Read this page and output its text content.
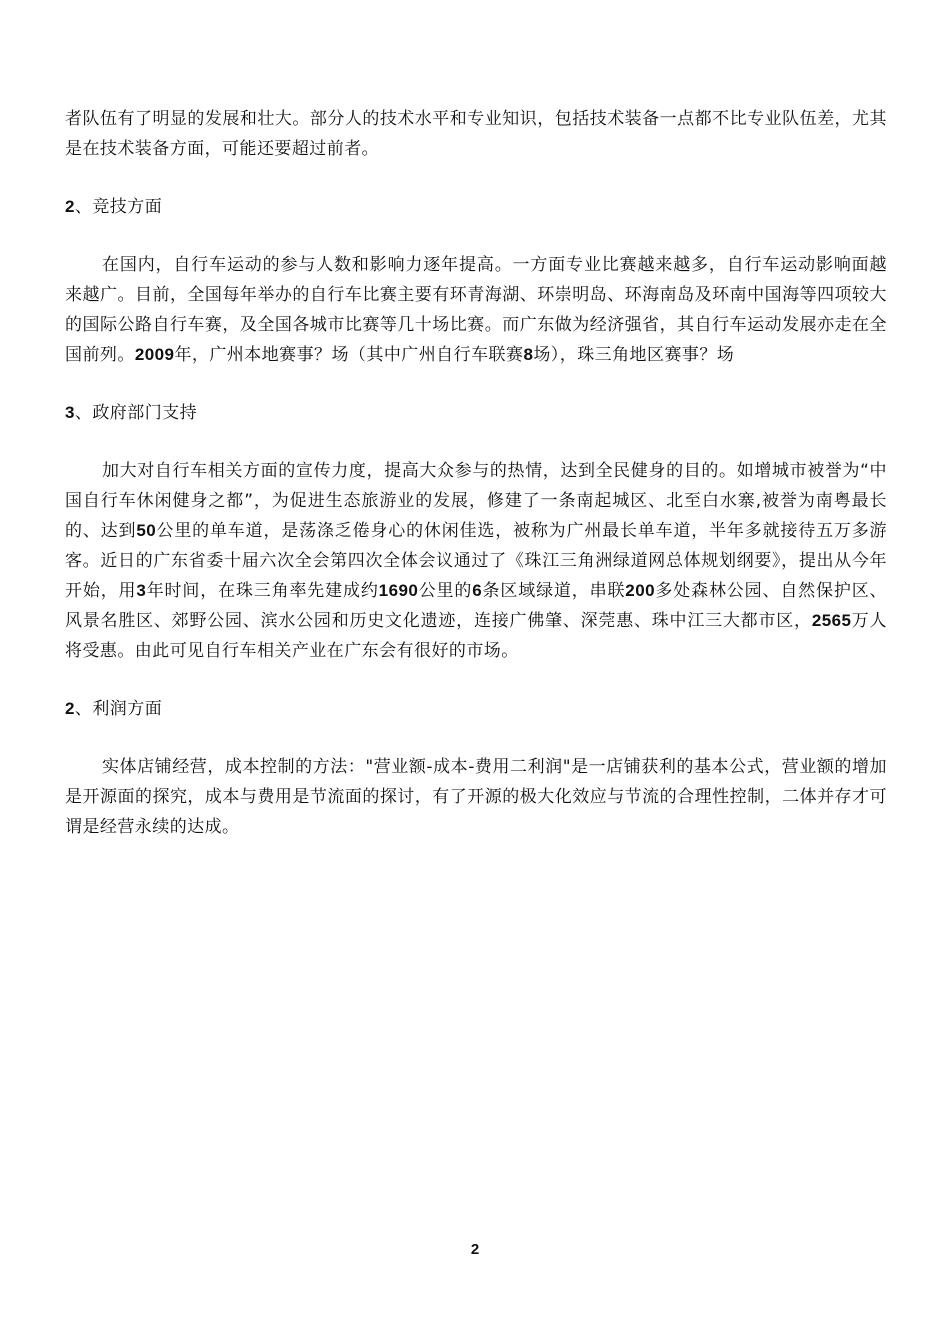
者队伍有了明显的发展和壮大。部分人的技术水平和专业知识，包括技术装备一点都不比专业队伍差，尤其是在技术装备方面，可能还要超过前者。

2、竞技方面

在国内，自行车运动的参与人数和影响力逐年提高。一方面专业比赛越来越多，自行车运动影响面越来越广。目前，全国每年举办的自行车比赛主要有环青海湖、环崇明岛、环海南岛及环南中国海等四项较大的国际公路自行车赛，及全国各城市比赛等几十场比赛。而广东做为经济强省，其自行车运动发展亦走在全国前列。2009年，广州本地赛事？场（其中广州自行车联赛8场），珠三角地区赛事？场

3、政府部门支持

加大对自行车相关方面的宣传力度，提高大众参与的热情，达到全民健身的目的。如增城市被誉为“中国自行车休闲健身之都”，为促进生态旅游业的发展，修建了一条南起城区、北至白水寨,被誉为南粤最长的、达到50公里的单车道，是荡涤乏倦身心的休闲佳选，被称为广州最长单车道，半年多就接待五万多游客。近日的广东省委十届六次全会第四次全体会议通过了《珠江三角洲绿道网总体规划纲要》，提出从今年开始，用3年时间，在珠三角率先建成约1690公里的6条区域绿道，串联200多处森林公园、自然保护区、风景名胜区、郊野公园、滨水公园和历史文化遗迹，连接广佛肇、深莞惠、珠中江三大都市区，2565万人将受惠。由此可见自行车相关产业在广东会有很好的市场。

2、利润方面

实体店铺经营，成本控制的方法："营业额-成本-费用二利润"是一店铺获利的基本公式，营业额的增加是开源面的探究，成本与费用是节流面的探讨，有了开源的极大化效应与节流的合理性控制，二体并存才可谓是经营永续的达成。

2
